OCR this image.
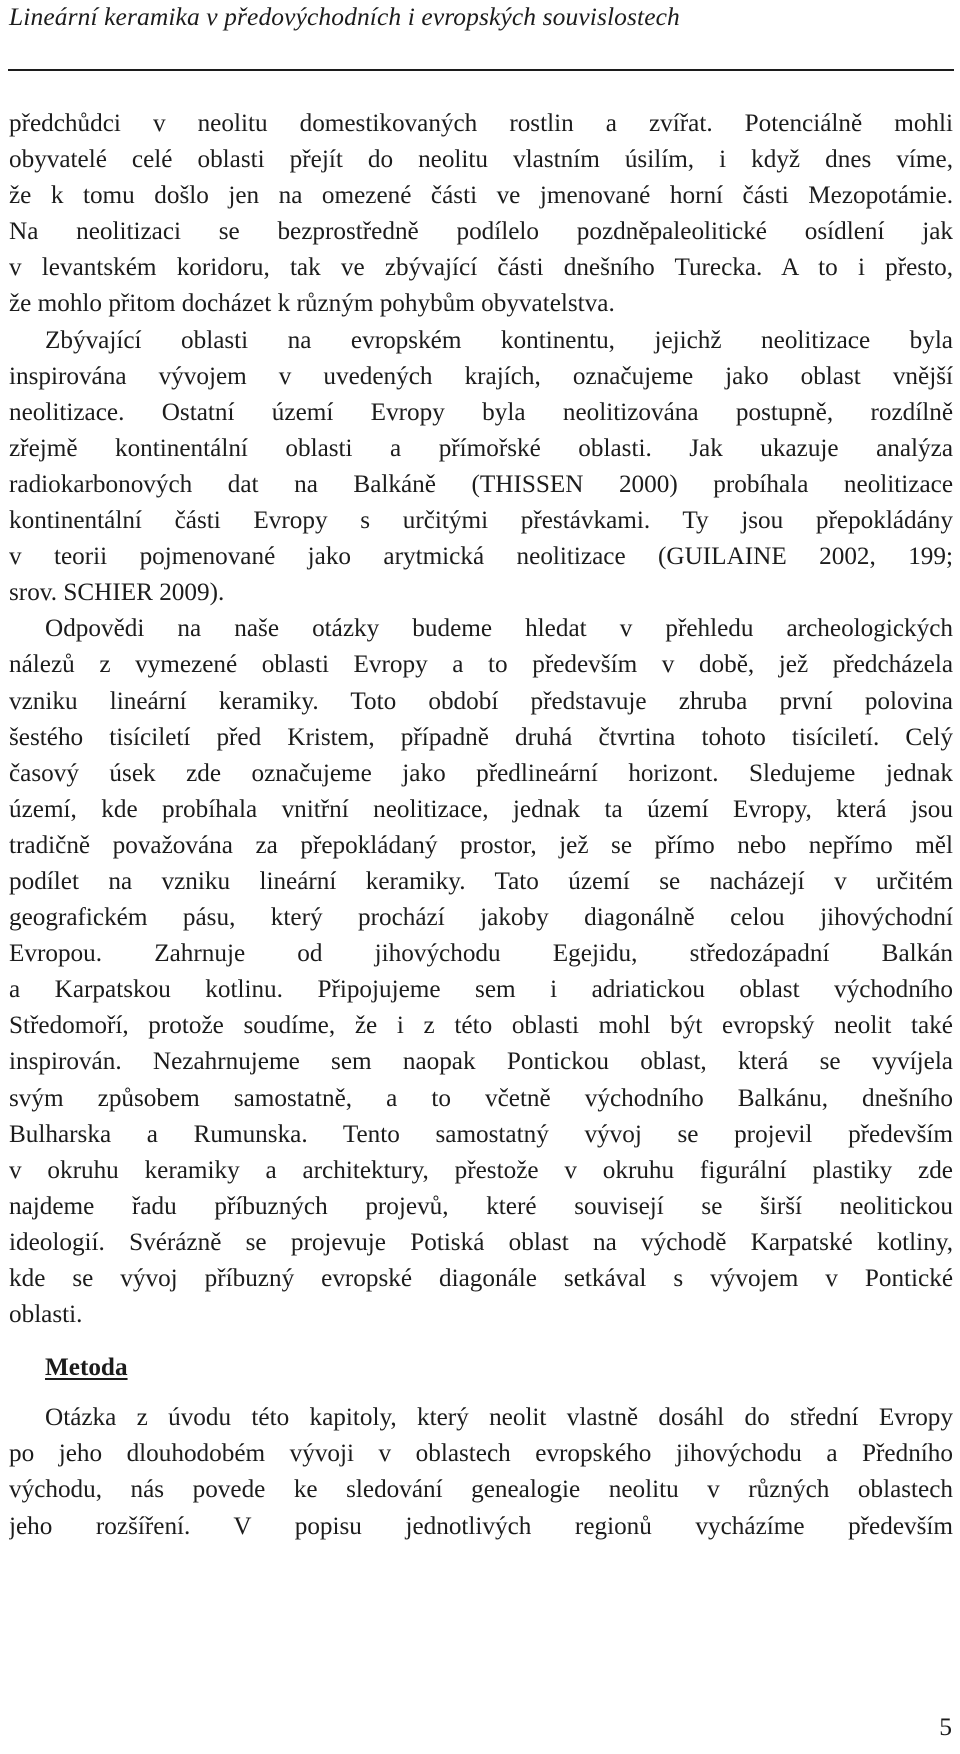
Lineární keramika v předovýchodních i evropských souvislostech
předchůdci v neolitu domestikovaných rostlin a zvířat. Potenciálně mohli
obyvatelé celé oblasti přejít do neolitu vlastním úsilím, i když dnes víme,
že k tomu došlo jen na omezené části ve jmenované horní části Mezopotámie.
Na neolitizaci se bezprostředně podílelo pozdněpaleolitické osídlení jak
v levantském koridoru, tak ve zbývající části dnešního Turecka. A to i přesto,
že mohlo přitom docházet k různým pohybům obyvatelstva.
Zbývající oblasti na evropském kontinentu, jejichž neolitizace byla
inspirována vývojem v uvedených krajích, označujeme jako oblast vnější
neolitizace. Ostatní území Evropy byla neolitizována postupně, rozdílně
zřejmě kontinentální oblasti a přímořské oblasti. Jak ukazuje analýza
radiokarbonových dat na Balkáně (THISSEN 2000) probíhala neolitizace
kontinentální části Evropy s určitými přestávkami. Ty jsou přepokládány
v teorii pojmenované jako arytmická neolitizace (GUILAINE 2002, 199;
srov. SCHIER 2009).
Odpovědi na naše otázky budeme hledat v přehledu archeologických
nálezů z vymezené oblasti Evropy a to především v době, jež předcházela
vzniku lineární keramiky. Toto období představuje zhruba první polovina
šestého tisíciletí před Kristem, případně druhá čtvrtina tohoto tisíciletí. Celý
časový úsek zde označujeme jako předlineární horizont. Sledujeme jednak
území, kde probíhala vnitřní neolitizace, jednak ta území Evropy, která jsou
tradičně považována za přepokládaný prostor, jež se přímo nebo nepřímo měl
podílet na vzniku lineární keramiky. Tato území se nacházejí v určitém
geografickém pásu, který prochází jakoby diagonálně celou jihovýchodní
Evropou. Zahrnuje od jihovýchodu Egejidu, středozápadní Balkán
a Karpatskou kotlinu. Připojujeme sem i adriatickou oblast východního
Středomoří, protože soudíme, že i z této oblasti mohl být evropský neolit také
inspirován. Nezahrnujeme sem naopak Pontickou oblast, která se vyvíjela
svým způsobem samostatně, a to včetně východního Balkánu, dnešního
Bulharska a Rumunska. Tento samostatný vývoj se projevil především
v okruhu keramiky a architektury, přestože v okruhu figurální plastiky zde
najdeme řadu příbuzných projevů, které souvisejí se širší neolitickou
ideologií. Svérázně se projevuje Potiská oblast na východě Karpatské kotliny,
kde se vývoj příbuzný evropské diagonále setkával s vývojem v Pontické
oblasti.
Metoda
Otázka z úvodu této kapitoly, který neolit vlastně dosáhl do střední Evropy
po jeho dlouhodobém vývoji v oblastech evropského jihovýchodu a Předního
východu, nás povede ke sledování genealogie neolitu v různých oblastech
jeho rozšíření. V popisu jednotlivých regionů vycházíme především
5
